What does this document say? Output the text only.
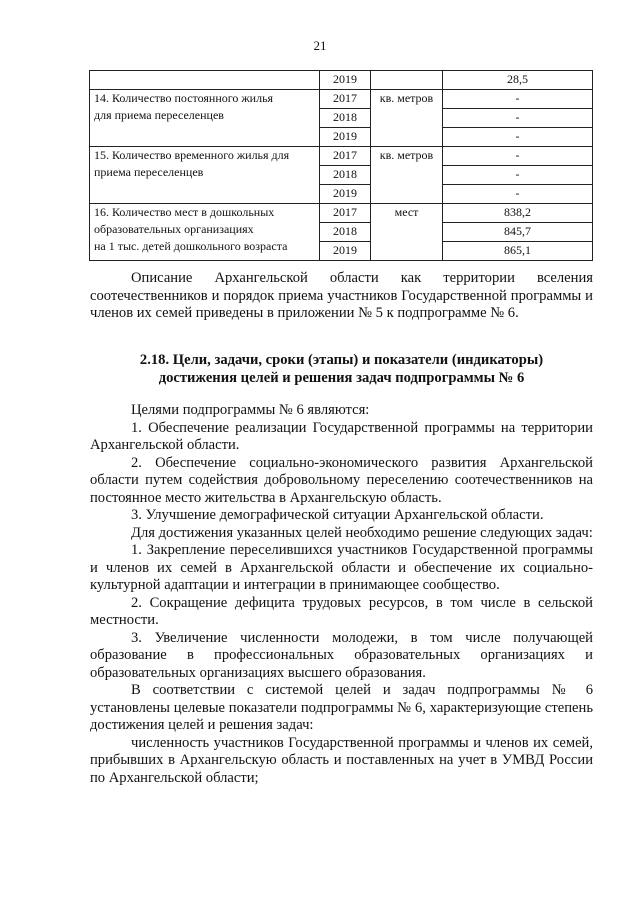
21
	2019		28,5

14. Количество постоянного жилья
для приема переселенцев	2017	кв. метров	-
	2018		-
	2019		-

15. Количество временного жилья для
приема переселенцев	2017	кв. метров	-
	2018		-
	2019		-

16. Количество мест в дошкольных
образовательных организациях
на 1 тыс. детей дошкольного возраста	2017	мест	838,2
	2018		845,7
	2019		865,1

Описание Архангельской области как территории вселения соотечественников и порядок приема участников Государственной программы и членов их семей приведены в приложении № 5 к подпрограмме № 6.

2.18. Цели, задачи, сроки (этапы) и показатели (индикаторы)
достижения целей и решения задач подпрограммы № 6

Целями подпрограммы № 6 являются:

1. Обеспечение реализации Государственной программы на территории Архангельской области.

2. Обеспечение социально-экономического развития Архангельской области путем содействия добровольному переселению соотечественников на постоянное место жительства в Архангельскую область.

3. Улучшение демографической ситуации Архангельской области.

Для достижения указанных целей необходимо решение следующих задач:

1. Закрепление переселившихся участников Государственной программы и членов их семей в Архангельской области и обеспечение их социально-культурной адаптации и интеграции в принимающее сообщество.

2. Сокращение дефицита трудовых ресурсов, в том числе в сельской местности.

3. Увеличение численности молодежи, в том числе получающей образование в профессиональных образовательных организациях и образовательных организациях высшего образования.

В соответствии с системой целей и задач подпрограммы № 6 установлены целевые показатели подпрограммы № 6, характеризующие степень достижения целей и решения задач:

численность участников Государственной программы и членов их семей, прибывших в Архангельскую область и поставленных на учет в УМВД России по Архангельской области;
